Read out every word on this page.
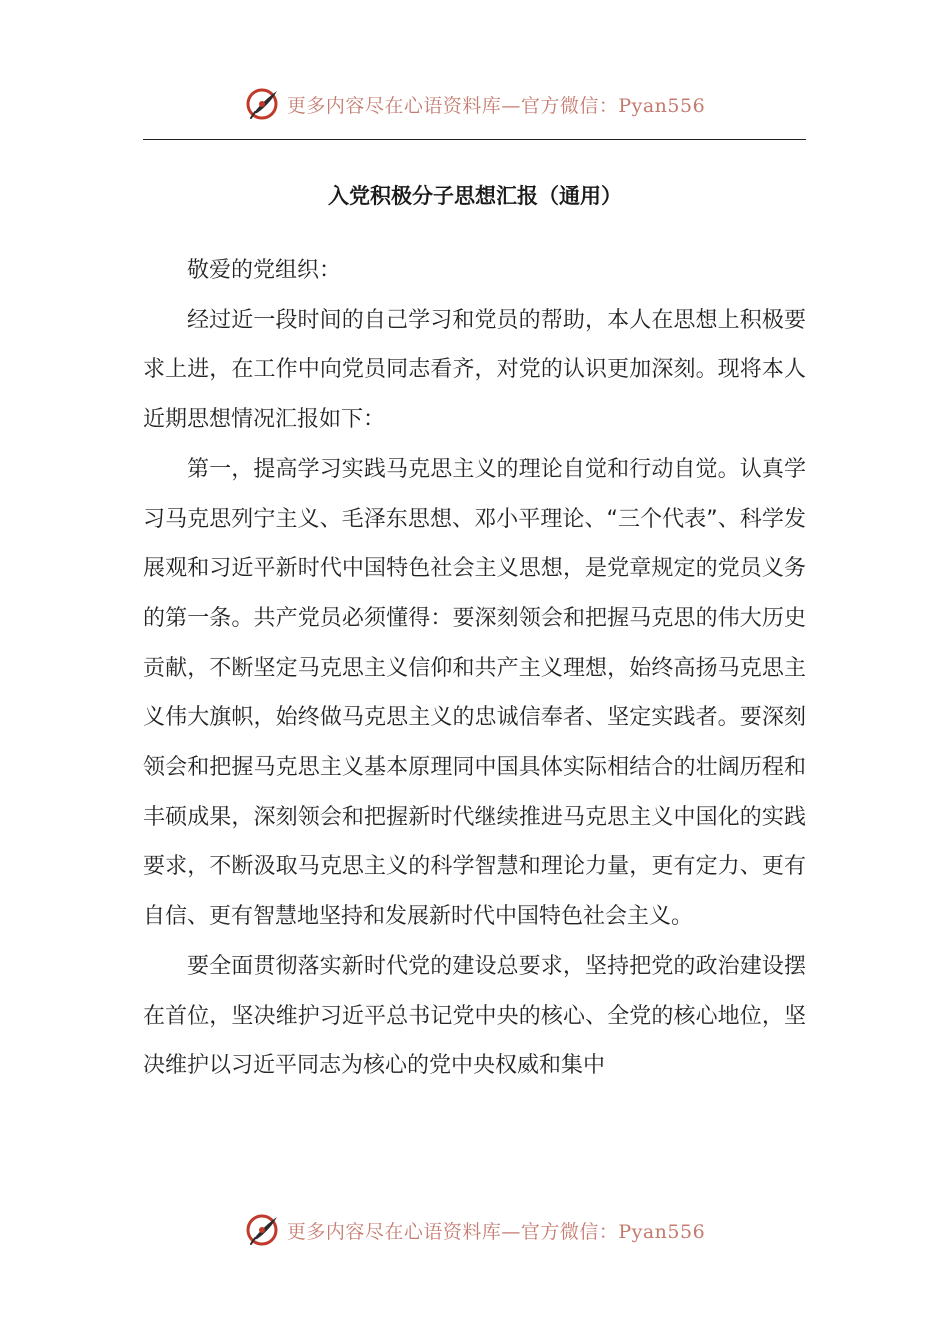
更多内容尽在心语资料库—官方微信：Pyan556
入党积极分子思想汇报（通用）

敬爱的党组织：

经过近一段时间的自己学习和党员的帮助，本人在思想上积极要求上进，在工作中向党员同志看齐，对党的认识更加深刻。现将本人近期思想情况汇报如下：

第一，提高学习实践马克思主义的理论自觉和行动自觉。认真学习马克思列宁主义、毛泽东思想、邓小平理论、“三个代表”、科学发展观和习近平新时代中国特色社会主义思想，是党章规定的党员义务的第一条。共产党员必须懂得：要深刻领会和把握马克思的伟大历史贡献，不断坚定马克思主义信仰和共产主义理想，始终高扬马克思主义伟大旗帜，始终做马克思主义的忠诚信奉者、坚定实践者。要深刻领会和把握马克思主义基本原理同中国具体实际相结合的壮阔历程和丰硕成果，深刻领会和把握新时代继续推进马克思主义中国化的实践要求，不断汲取马克思主义的科学智慧和理论力量，更有定力、更有自信、更有智慧地坚持和发展新时代中国特色社会主义。

要全面贯彻落实新时代党的建设总要求，坚持把党的政治建设摆在首位，坚决维护习近平总书记党中央的核心、全党的核心地位，坚决维护以习近平同志为核心的党中央权威和集中

更多内容尽在心语资料库—官方微信：Pyan556
